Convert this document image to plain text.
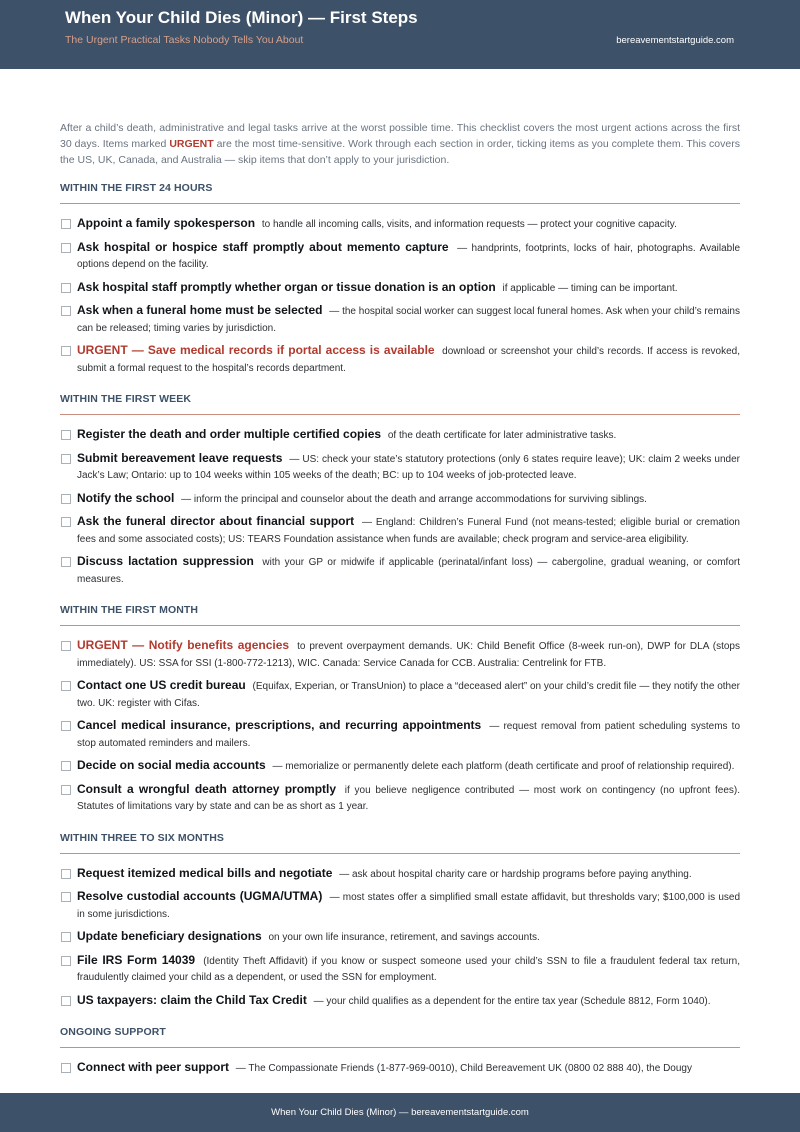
When Your Child Dies (Minor) — First Steps
The Urgent Practical Tasks Nobody Tells You About	bereavementstartguide.com

After a child’s death, administrative and legal tasks arrive at the worst possible time. This checklist covers the most urgent actions across the first 30 days. Items marked URGENT are the most time-sensitive. Work through each section in order, ticking items as you complete them. This covers the US, UK, Canada, and Australia — skip items that don’t apply to your jurisdiction.

WITHIN THE FIRST 24 HOURS
Appoint a family spokesperson to handle all incoming calls, visits, and information requests — protect your cognitive capacity.
Ask hospital or hospice staff promptly about memento capture — handprints, footprints, locks of hair, photographs. Available options depend on the facility.
Ask hospital staff promptly whether organ or tissue donation is an option if applicable — timing can be important.
Ask when a funeral home must be selected — the hospital social worker can suggest local funeral homes. Ask when your child’s remains can be released; timing varies by jurisdiction.
URGENT — Save medical records if portal access is available download or screenshot your child’s records. If access is revoked, submit a formal request to the hospital’s records department.
WITHIN THE FIRST WEEK
Register the death and order multiple certified copies of the death certificate for later administrative tasks.
Submit bereavement leave requests — US: check your state’s statutory protections (only 6 states require leave); UK: claim 2 weeks under Jack’s Law; Ontario: up to 104 weeks within 105 weeks of the death; BC: up to 104 weeks of job-protected leave.
Notify the school — inform the principal and counselor about the death and arrange accommodations for surviving siblings.
Ask the funeral director about financial support — England: Children’s Funeral Fund (not means-tested; eligible burial or cremation fees and some associated costs); US: TEARS Foundation assistance when funds are available; check program and service-area eligibility.
Discuss lactation suppression with your GP or midwife if applicable (perinatal/infant loss) — cabergoline, gradual weaning, or comfort measures.
WITHIN THE FIRST MONTH
URGENT — Notify benefits agencies to prevent overpayment demands. UK: Child Benefit Office (8-week run-on), DWP for DLA (stops immediately). US: SSA for SSI (1-800-772-1213), WIC. Canada: Service Canada for CCB. Australia: Centrelink for FTB.
Contact one US credit bureau (Equifax, Experian, or TransUnion) to place a “deceased alert” on your child’s credit file — they notify the other two. UK: register with Cifas.
Cancel medical insurance, prescriptions, and recurring appointments — request removal from patient scheduling systems to stop automated reminders and mailers.
Decide on social media accounts — memorialize or permanently delete each platform (death certificate and proof of relationship required).
Consult a wrongful death attorney promptly if you believe negligence contributed — most work on contingency (no upfront fees). Statutes of limitations vary by state and can be as short as 1 year.
WITHIN THREE TO SIX MONTHS
Request itemized medical bills and negotiate — ask about hospital charity care or hardship programs before paying anything.
Resolve custodial accounts (UGMA/UTMA) — most states offer a simplified small estate affidavit, but thresholds vary; $100,000 is used in some jurisdictions.
Update beneficiary designations on your own life insurance, retirement, and savings accounts.
File IRS Form 14039 (Identity Theft Affidavit) if you know or suspect someone used your child’s SSN to file a fraudulent federal tax return, fraudulently claimed your child as a dependent, or used the SSN for employment.
US taxpayers: claim the Child Tax Credit — your child qualifies as a dependent for the entire tax year (Schedule 8812, Form 1040).
ONGOING SUPPORT
Connect with peer support — The Compassionate Friends (1-877-969-0010), Child Bereavement UK (0800 02 888 40), the Dougy
When Your Child Dies (Minor) — bereavementstartguide.com
